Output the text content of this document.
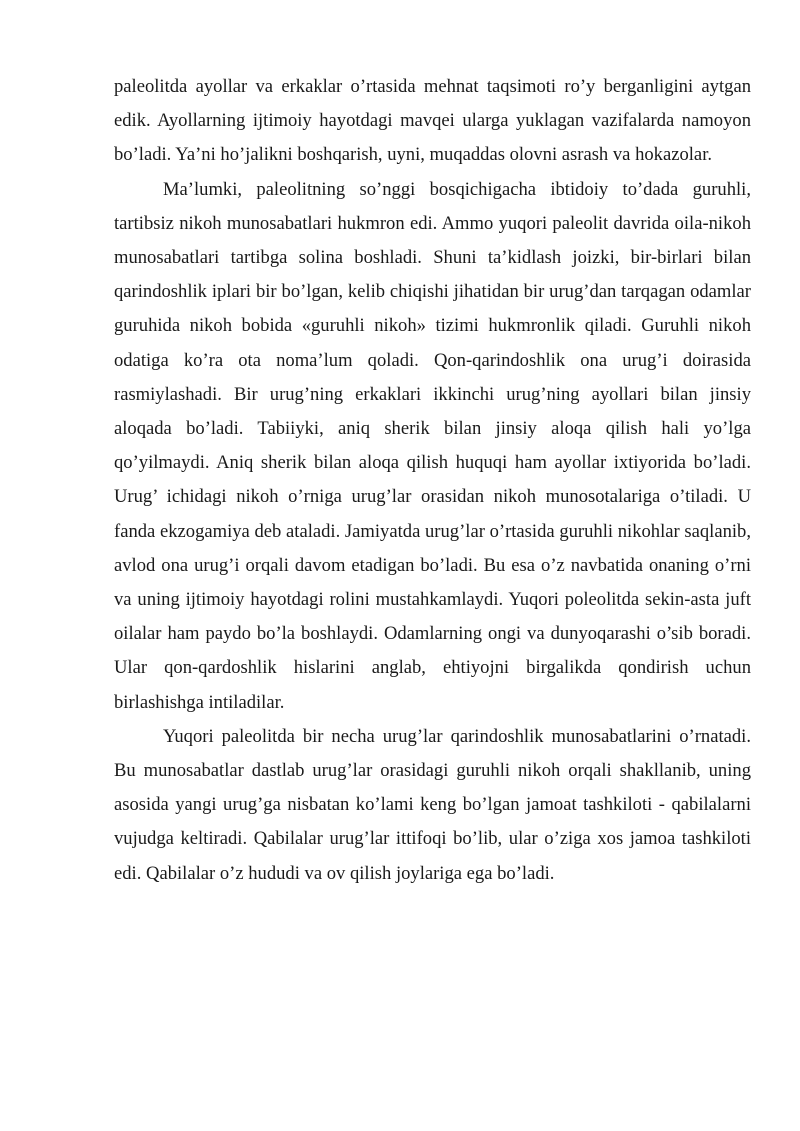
paleolitda ayollar va erkaklar o’rtasida mehnat taqsimoti ro’y berganligini aytgan edik. Ayollarning ijtimoiy hayotdagi mavqei ularga yuklagan vazifalarda namoyon bo’ladi. Ya’ni ho’jalikni boshqarish, uyni, muqaddas olovni asrash va hokazolar.

Ma’lumki, paleolitning so’nggi bosqichigacha ibtidoiy to’dada guruhli, tartibsiz nikoh munosabatlari hukmron edi. Ammo yuqori paleolit davrida oila-nikoh munosabatlari tartibga solina boshladi. Shuni ta’kidlash joizki, bir-birlari bilan qarindoshlik iplari bir bo’lgan, kelib chiqishi jihatidan bir urug’dan tarqagan odamlar guruhida nikoh bobida «guruhli nikoh» tizimi hukmronlik qiladi. Guruhli nikoh odatiga ko’ra ota noma’lum qoladi. Qon-qarindoshlik ona urug’i doirasida rasmiylashadi. Bir urug’ning erkaklari ikkinchi urug’ning ayollari bilan jinsiy aloqada bo’ladi. Tabiiyki, aniq sherik bilan jinsiy aloqa qilish hali yo’lga qo’yilmaydi. Aniq sherik bilan aloqa qilish huquqi ham ayollar ixtiyorida bo’ladi. Urug’ ichidagi nikoh o’rniga urug’lar orasidan nikoh munosotalariga o’tiladi. U fanda ekzogamiya deb ataladi. Jamiyatda urug’lar o’rtasida guruhli nikohlar saqlanib, avlod ona urug’i orqali davom etadigan bo’ladi. Bu esa o’z navbatida onaning o’rni va uning ijtimoiy hayotdagi rolini mustahkamlaydi. Yuqori poleolitda sekin-asta juft oilalar ham paydo bo’la boshlaydi. Odamlarning ongi va dunyoqarashi o’sib boradi. Ular qon-qardoshlik hislarini anglab, ehtiyojni birgalikda qondirish uchun birlashishga intiladilar.

Yuqori paleolitda bir necha urug’lar qarindoshlik munosabatlarini o’rnatadi. Bu munosabatlar dastlab urug’lar orasidagi guruhli nikoh orqali shakllanib, uning asosida yangi urug’ga nisbatan ko’lami keng bo’lgan jamoat tashkiloti - qabilalarni vujudga keltiradi. Qabilalar urug’lar ittifoqi bo’lib, ular o’ziga xos jamoa tashkiloti edi. Qabilalar o’z hududi va ov qilish joylariga ega bo’ladi.
